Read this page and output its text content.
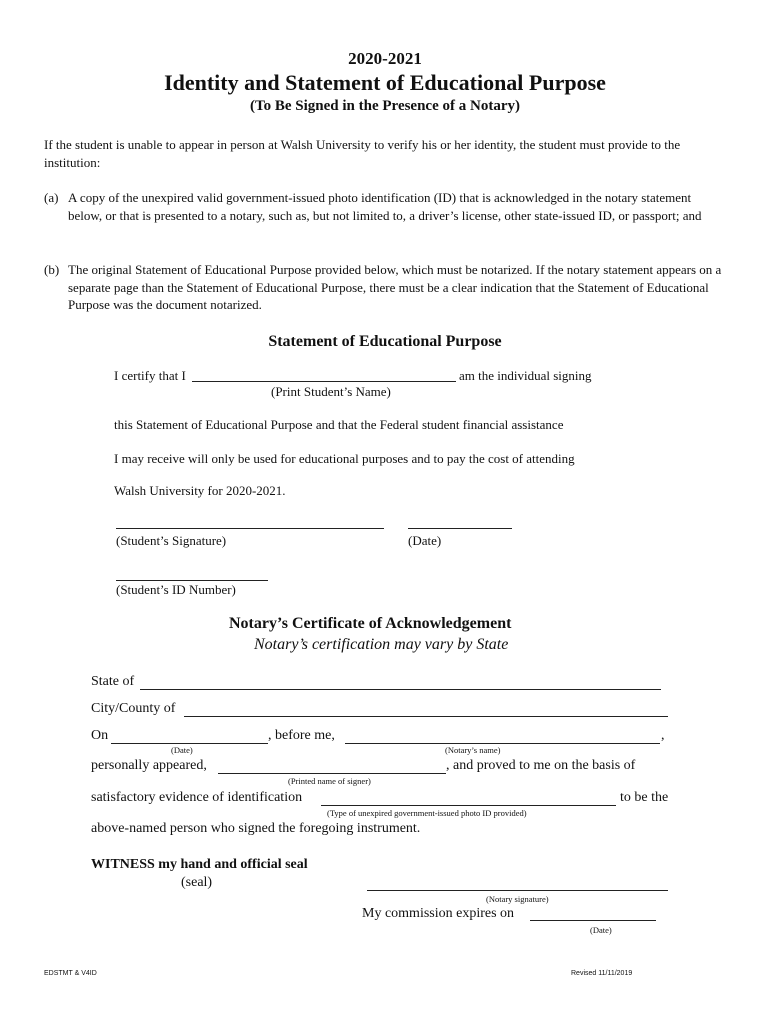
2020-2021
Identity and Statement of Educational Purpose
(To Be Signed in the Presence of a Notary)
If the student is unable to appear in person at Walsh University to verify his or her identity, the student must provide to the institution:
(a) A copy of the unexpired valid government-issued photo identification (ID) that is acknowledged in the notary statement below, or that is presented to a notary, such as, but not limited to, a driver’s license, other state-issued ID, or passport; and
(b) The original Statement of Educational Purpose provided below, which must be notarized. If the notary statement appears on a separate page than the Statement of Educational Purpose, there must be a clear indication that the Statement of Educational Purpose was the document notarized.
Statement of Educational Purpose
I certify that I	am the individual signing
(Print Student’s Name)
this Statement of Educational Purpose and that the Federal student financial assistance
I may receive will only be used for educational purposes and to pay the cost of attending
Walsh University for 2020-2021.
(Student’s Signature)	(Date)
(Student’s ID Number)
Notary’s Certificate of Acknowledgement
Notary’s certification may vary by State
State of
City/County of
On	, before me,	,
(Date)	(Notary’s name)
personally appeared,	, and proved to me on the basis of
(Printed name of signer)
satisfactory evidence of identification	to be the
(Type of unexpired government-issued photo ID provided)
above-named person who signed the foregoing instrument.
WITNESS my hand and official seal
(seal)
(Notary signature)
My commission expires on
(Date)
EDSTMT & V4ID	Revised 11/11/2019
